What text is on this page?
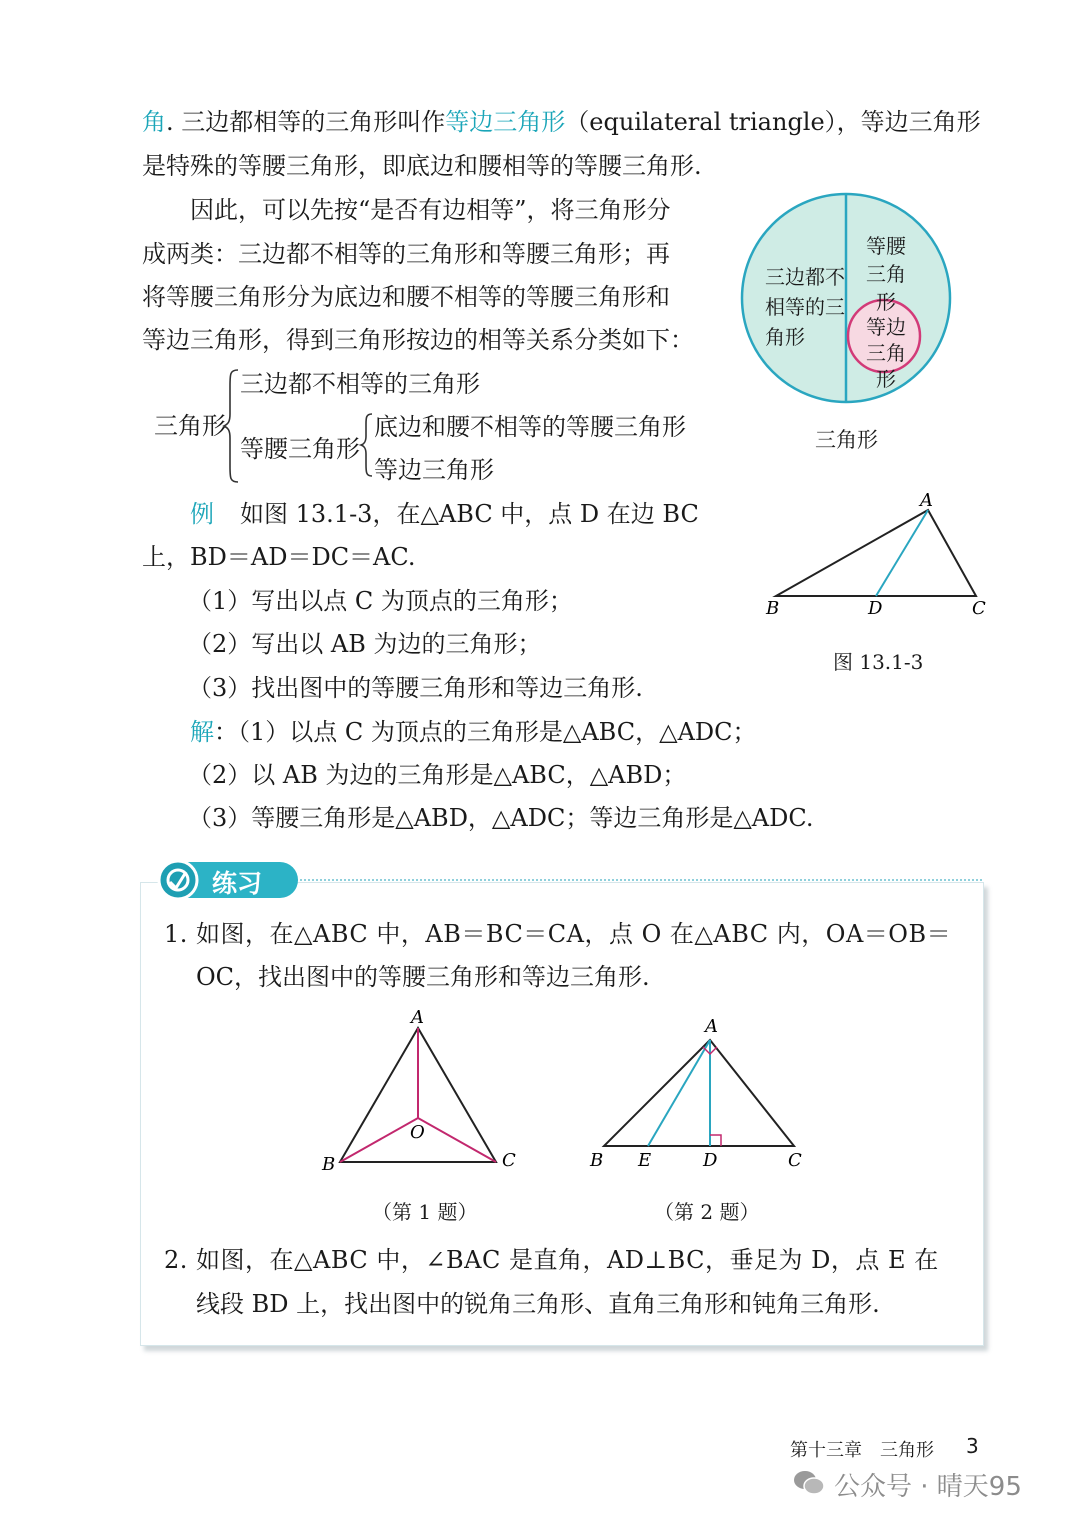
角. 三边都相等的三角形叫作等边三角形（equilateral triangle），等边三角形
是特殊的等腰三角形，即底边和腰相等的等腰三角形.
因此，可以先按“是否有边相等”，将三角形分
成两类：三边都不相等的三角形和等腰三角形；再
将等腰三角形分为底边和腰不相等的等腰三角形和
等边三角形，得到三角形按边的相等关系分类如下：
三角形
三边都不相等的三角形
等腰三角形
底边和腰不相等的等腰三角形
等边三角形
三边都不
相等的三
角形
等腰
三角形
等边
三角形
三角形
例 如图 13.1-3，在△ABC 中，点 D 在边 BC
上，BD＝AD＝DC＝AC.
（1）写出以点 C 为顶点的三角形；
（2）写出以 AB 为边的三角形；
（3）找出图中的等腰三角形和等边三角形.
解：（1）以点 C 为顶点的三角形是△ABC，△ADC；
（2）以 AB 为边的三角形是△ABC，△ABD；
（3）等腰三角形是△ABD，△ADC；等边三角形是△ADC.
A
B	D	C
图 13.1-3
练习
1. 如图，在△ABC 中，AB＝BC＝CA，点 O 在△ABC 内，OA＝OB＝
OC，找出图中的等腰三角形和等边三角形.
A
B	C
O
（第 1 题）
A
B E	D	C
（第 2 题）
2. 如图，在△ABC 中，∠BAC 是直角，AD⊥BC，垂足为 D，点 E 在
线段 BD 上，找出图中的锐角三角形、直角三角形和钝角三角形.
第十三章　三角形 3
公众号 · 晴天95
